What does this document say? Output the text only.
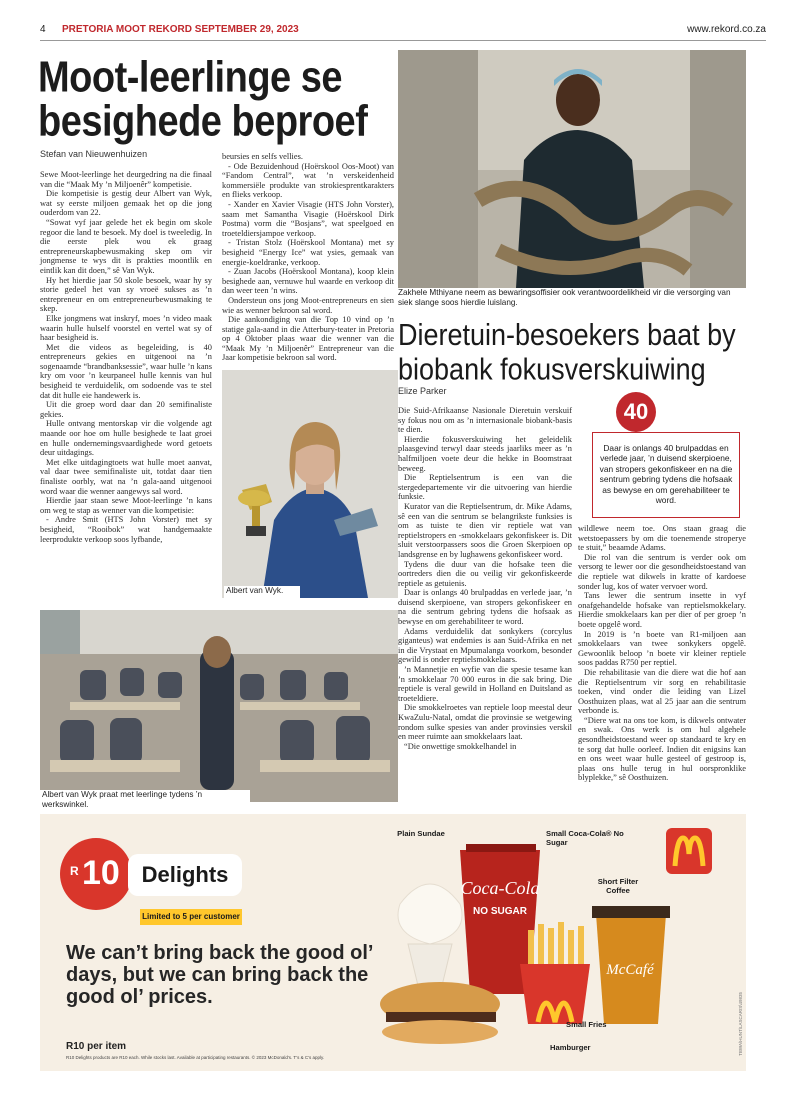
4 PRETORIA MOOT REKORD SEPTEMBER 29, 2023	www.rekord.co.za
Moot-leerlinge se
besighede beproef
Stefan van Nieuwenhuizen

Sewe Moot-leerlinge het deurgedring na die finaal van die “Maak My ’n Miljoenêr” kompetisie.

Die kompetisie is gestig deur Albert van Wyk, wat sy eerste miljoen gemaak het op die jong ouderdom van 22.

“Sowat vyf jaar gelede het ek begin om skole regoor die land te besoek. My doel is tweeledig. In die eerste plek wou ek graag entrepreneurskapbewusmaking skep om vir jongmense te wys dit is prakties moontlik en eintlik kan dit doen,” sê Van Wyk.

Hy het hierdie jaar 50 skole besoek, waar hy sy storie gedeel het van sy vroeë sukses as ’n entrepreneur en om entrepreneurbewusmaking te skep.

Elke jongmens wat inskryf, moes ’n video maak waarin hulle hulself voorstel en vertel wat sy of haar besigheid is.

Met die videos as begeleiding, is 40 entrepreneurs gekies en uitgenooi na ’n sogenaamde “brandbanksessie”, waar hulle ’n kans kry om voor ’n keurpaneel hulle kennis van hul besigheid te verduidelik, om sodoende vas te stel dat dit hulle eie handewerk is.

Uit die groep word daar dan 20 semifinaliste gekies.

Hulle ontvang mentorskap vir die volgende agt maande oor hoe om hulle besighede te laat groei en hulle ondernemingsvaardighede word getoets deur uitdagings.

Met elke uitdagingtoets wat hulle moet aanvat, val daar twee semifinaliste uit, totdat daar tien finaliste oorbly, wat na ’n gala-aand uitgenooi word waar die wenner aangewys sal word.

Hierdie jaar staan sewe Moot-leerlinge ’n kans om weg te stap as wenner van die kompetisie:

- Andre Smit (HTS John Vorster) met sy besigheid, “Rooibok” wat handgemaakte leerprodukte verkoop soos lyfbande,

beursies en selfs vellies.

- Ode Bezuidenhoud (Hoërskool Oos-Moot) van “Fandom Central”, wat ’n verskeidenheid kommersiële produkte van strokiesprentkarakters en flieks verkoop.

- Xander en Xavier Visagie (HTS John Vorster), saam met Samantha Visagie (Hoërskool Dirk Postma) vorm die “Bosjans”, wat speelgoed en troeteldiersjampoe verkoop.

- Tristan Stolz (Hoërskool Montana) met sy besigheid “Energy Ice” wat ysies, gemaak van energie-koeldranke, verkoop.

- Zuan Jacobs (Hoërskool Montana), koop klein besighede aan, vernuwe hul waarde en verkoop dit dan weer teen ’n wins.

Ondersteun ons jong Moot-entrepreneurs en sien wie as wenner bekroon sal word.

Die aankondiging van die Top 10 vind op ’n statige gala-aand in die Atterbury-teater in Pretoria op 4 Oktober plaas waar die wenner van die “Maak My ’n Miljoenêr” Entrepreneur van die Jaar kompetisie bekroon sal word.

Albert van Wyk.
Albert van Wyk praat met leerlinge tydens ’n werkswinkel.
Zakhele Mthiyane neem as bewaringsoffisier ook verantwoordelikheid vir die versorging van siek slange soos hierdie luislang.
Dieretuin-besoekers baat by
biobank fokusverskuiwing
Elize Parker

Die Suid-Afrikaanse Nasionale Dieretuin verskuif sy fokus nou om as ’n internasionale biobank-basis te dien.

Hierdie fokusverskuiwing het geleidelik plaasgevind terwyl daar steeds jaarliks meer as ’n halfmiljoen voete deur die hekke in Boomstraat beweeg.

Die Reptielsentrum is een van die stergedepartemente vir die uitvoering van hierdie funksie.

Kurator van die Reptielsentrum, dr. Mike Adams, sê een van die sentrum se belangrikste funksies is om as tuiste te dien vir reptiele wat van reptielstropers en -smokkelaars gekonfiskeer is. Dit sluit verstoorpassers soos die Groen Skerpioen op landsgrense en by lughawens gekonfiskeer word.

Tydens die duur van die hofsake teen die oortreders dien die ou veilig vir gekonfiskeerde reptiele as getuienis.

Daar is onlangs 40 brulpaddas en verlede jaar, ’n duisend skerpioene, van stropers gekonfiskeer en na die sentrum gebring tydens die hofsaak as bewyse en om gerehabiliteer te word.

Adams verduidelik dat sonkykers (corcylus giganteus) wat endemies is aan Suid-Afrika en net in die Vrystaat en Mpumalanga voorkom, besonder gewild is onder reptielsmokkelaars.

’n Mannetjie en wyfie van die spesie tesame kan ’n smokkelaar 70 000 euros in die sak bring. Die reptiele is veral gewild in Holland en Duitsland as troeteldiere.

Die smokkelroetes van reptiele loop meestal deur KwaZulu-Natal, omdat die provinsie se wetgewing rondom sulke spesies van ander provinsies verskil en meer ruimte aan smokkelaars laat.

“Die onwettige smokkelhandel in

wildlewe neem toe. Ons staan graag die wetstoepassers by om die toenemende stroperye te stuit,” beaamde Adams.

Die rol van die sentrum is verder ook om versorg te lewer oor die gesondheidstoestand van die reptiele wat dikwels in kratte of kardoese sonder lug, kos of water vervoer word.

Tans lewer die sentrum insette in vyf onafgehandelde hofsake van reptielsmokkelary. Hierdie smokkelaars kan per dier of per groep ’n boete opgelê word.

In 2019 is ’n boete van R1-miljoen aan smokkelaars van twee sonkykers opgelê. Gewoonlik beloop ’n boete vir kleiner reptiele soos paddas R750 per reptiel.

Die rehabilitasie van die diere wat die hof aan die Reptielsentrum vir sorg en rehabilitasie toeken, vind onder die leiding van Lizel Oosthuizen plaas, wat al 25 jaar aan die sentrum verbonde is.

“Diere wat na ons toe kom, is dikwels ontwater en swak. Ons werk is om hul algehele gesondheidstoestand weer op standaard te kry en te sorg dat hulle oorleef. Indien dit enigsins kan en ons weet waar hulle gesteel of gestroop is, plaas ons hulle terug in hul oorspronklike blyplekke,” sê Oosthuizen.

Daar is onlangs 40 brulpaddas en verlede jaar, ’n duisend skerpioene, van stropers gekonfiskeer en na die sentrum gebring tydens die hofsaak as bewyse en om gerehabiliteer te word.
40
R 10 Delights
Limited to 5 per customer
We can’t bring back the good ol’ days, but we can bring back the good ol’ prices.
R10 per item
R10 Delights products are R10 each. While stocks last. Available at participating restaurants. © 2023 McDonald’s. T’s & C’s apply.
Coca-Cola
NO SUGAR
McCafé
Plain Sundae	Small Coca-Cola® No Sugar
Short Filter Coffee
Small Fries
Hamburger	TBWA\HUNT\LASCARIS\49835
